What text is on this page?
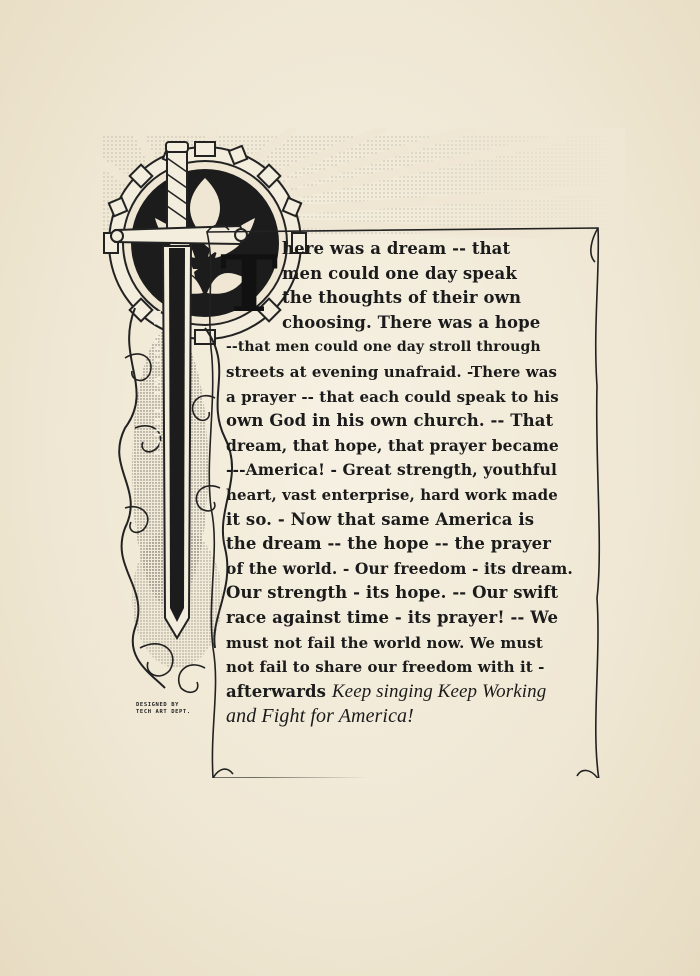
IN GOD WE TRUST
T here was a dream -- that
men could one day speak
the thoughts of their own
choosing. There was a hope
--that men could one day stroll through
streets at evening unafraid. -There was
a prayer -- that each could speak to his
own God in his own church. -- That
dream, that hope, that prayer became
---America! - Great strength, youthful
heart, vast enterprise, hard work made
it so. - Now that same America is
the dream -- the hope -- the prayer
of the world. - Our freedom - its dream.
Our strength - its hope. -- Our swift
race against time - its prayer! -- We
must not fail the world now. We must
not fail to share our freedom with it -
afterwards Keep singing Keep Working
and Fight for America!
DESIGNED BY
TECH ART DEPT.
